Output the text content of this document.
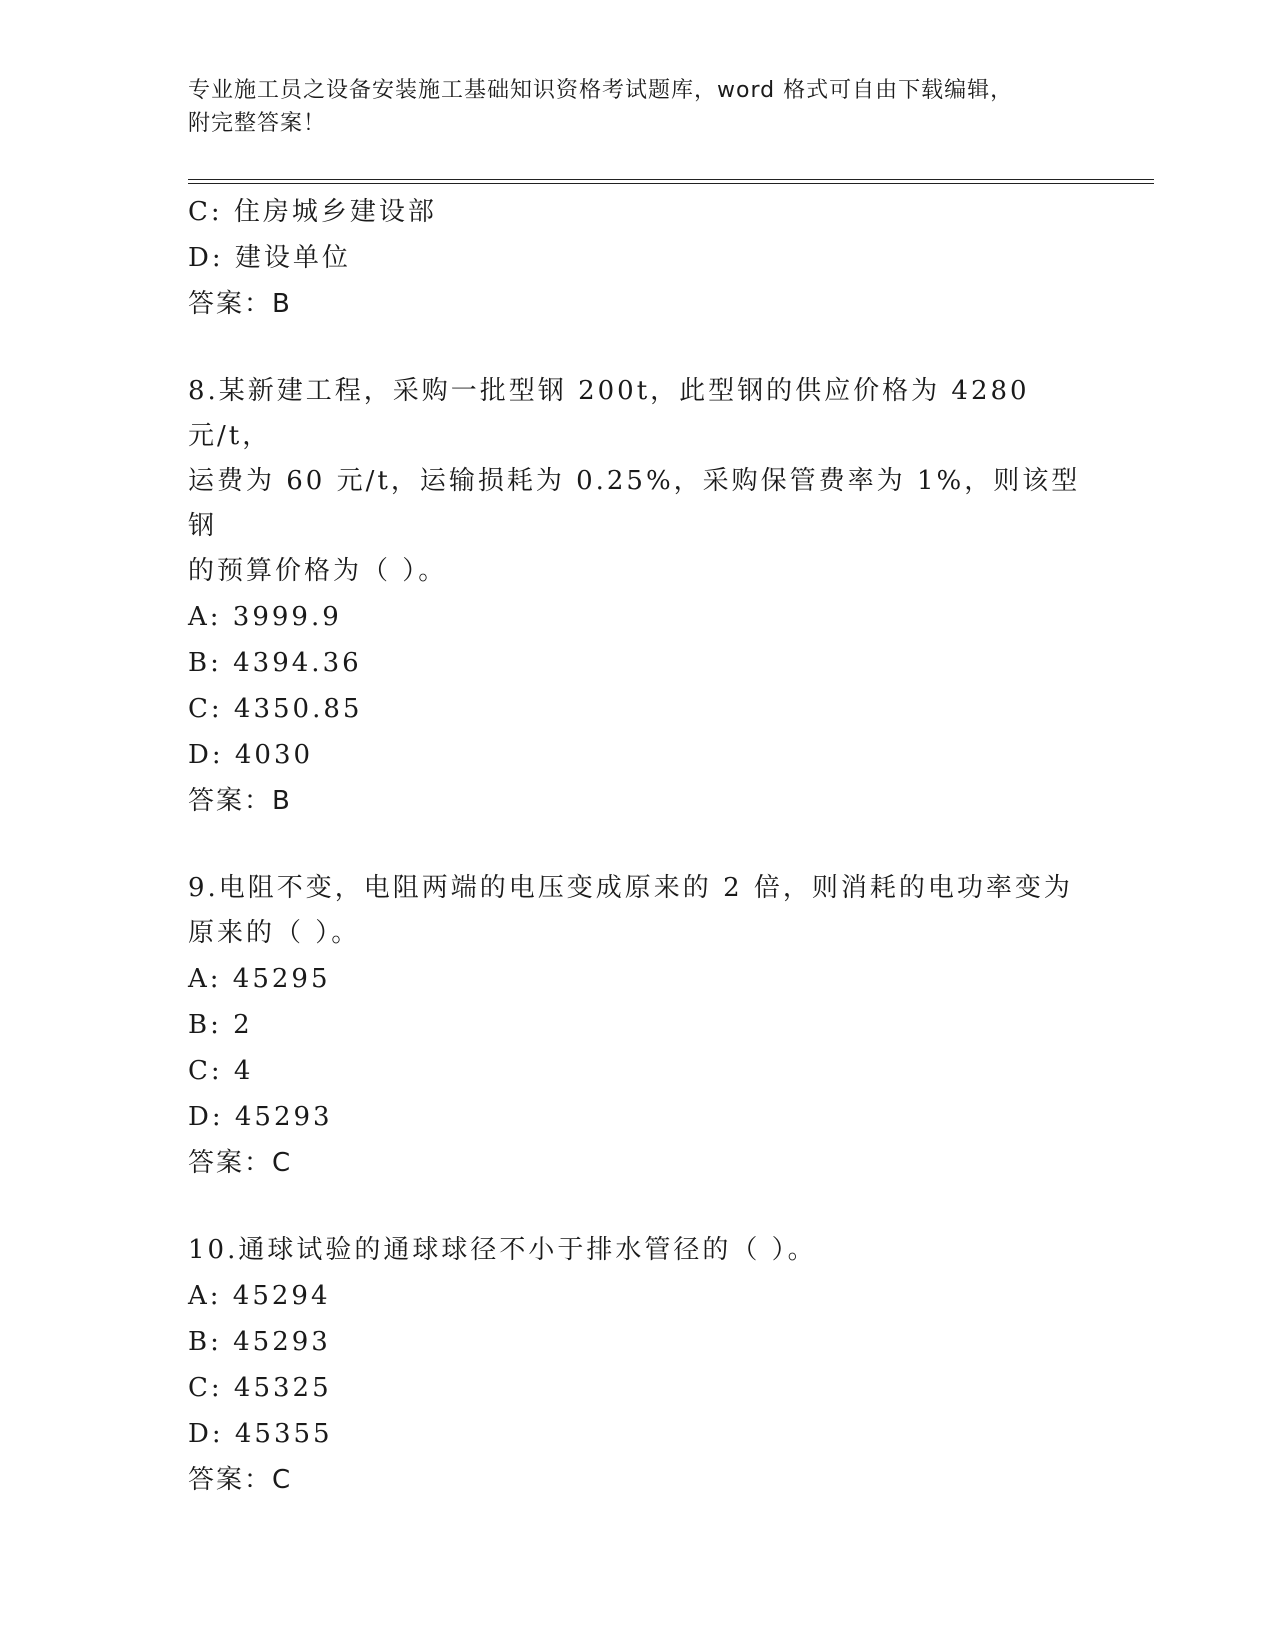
专业施工员之设备安装施工基础知识资格考试题库，word 格式可自由下载编辑，
附完整答案！
C: 住房城乡建设部
D: 建设单位
答案：B
8.某新建工程，采购一批型钢 200t，此型钢的供应价格为 4280 元/t，
运费为 60 元/t，运输损耗为 0.25%，采购保管费率为 1%，则该型钢
的预算价格为（ ）。
A: 3999.9
B: 4394.36
C: 4350.85
D: 4030
答案：B
9.电阻不变，电阻两端的电压变成原来的 2 倍，则消耗的电功率变为
原来的（ ）。
A: 45295
B: 2
C: 4
D: 45293
答案：C
10.通球试验的通球球径不小于排水管径的（ ）。
A: 45294
B: 45293
C: 45325
D: 45355
答案：C
